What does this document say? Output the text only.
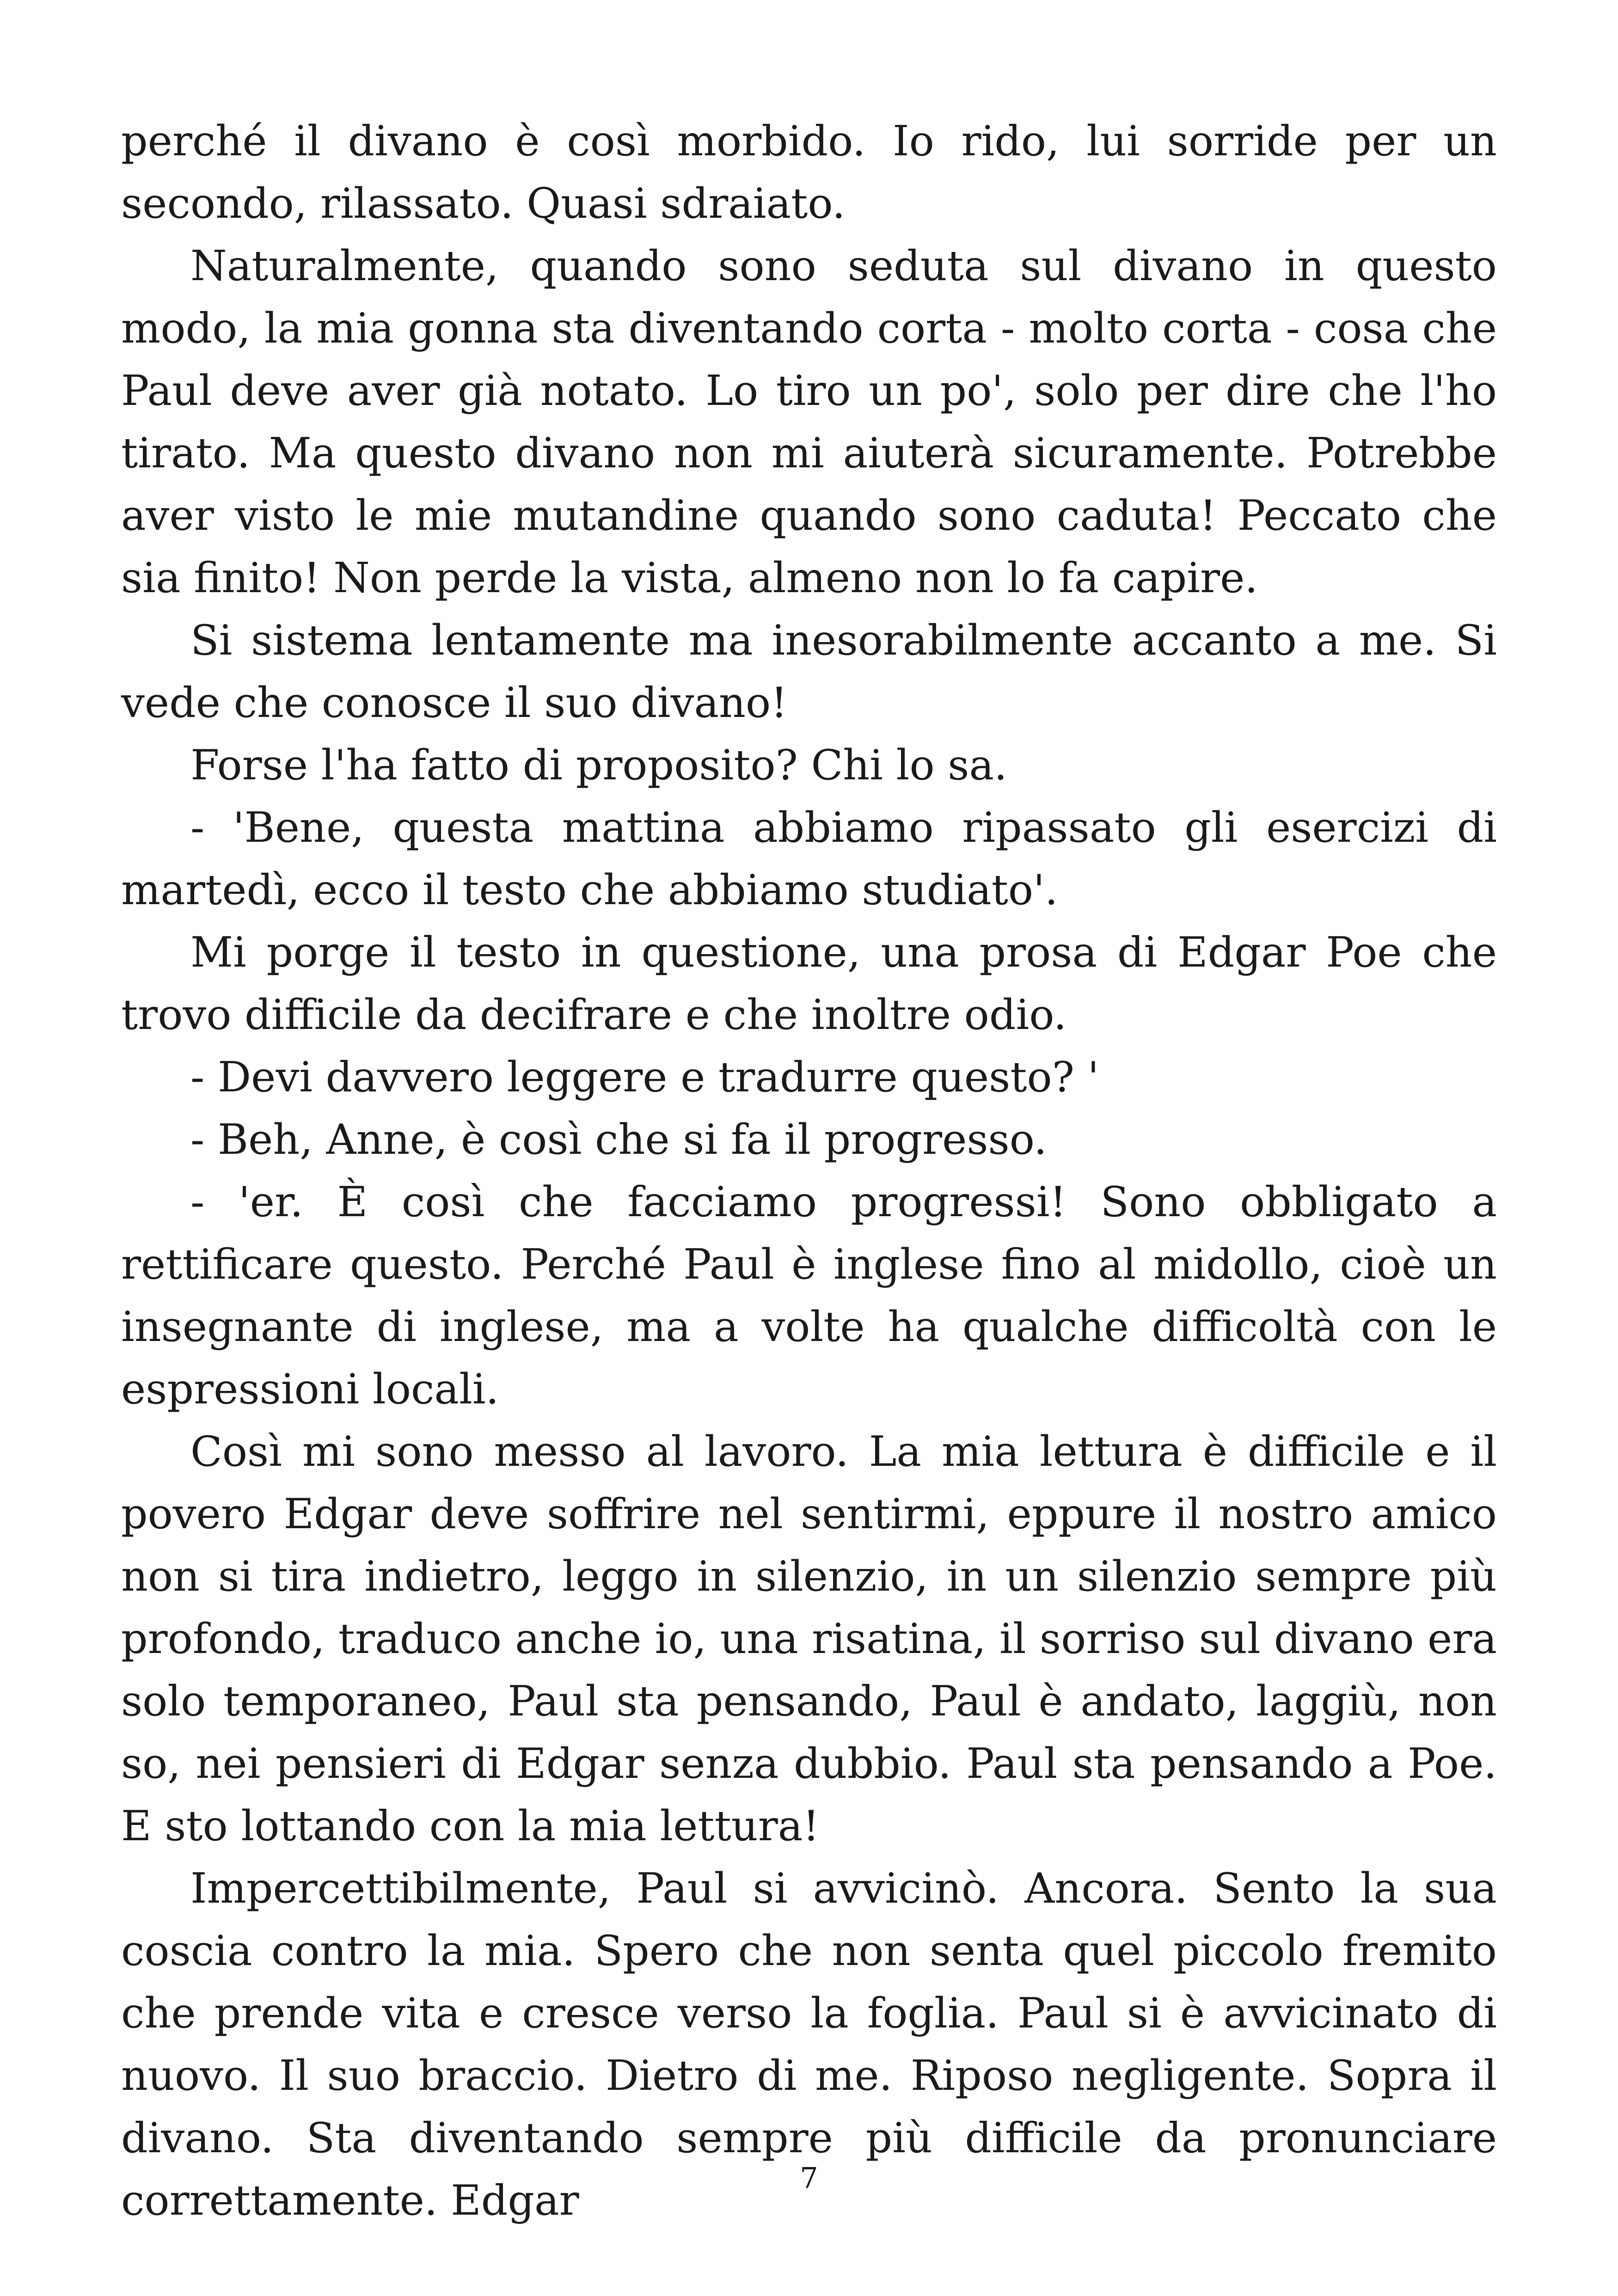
perché il divano è così morbido. Io rido, lui sorride per un secondo, rilassato. Quasi sdraiato.

Naturalmente, quando sono seduta sul divano in questo modo, la mia gonna sta diventando corta - molto corta - cosa che Paul deve aver già notato. Lo tiro un po', solo per dire che l'ho tirato. Ma questo divano non mi aiuterà sicuramente. Potrebbe aver visto le mie mutandine quando sono caduta! Peccato che sia finito! Non perde la vista, almeno non lo fa capire.

Si sistema lentamente ma inesorabilmente accanto a me. Si vede che conosce il suo divano!

Forse l'ha fatto di proposito? Chi lo sa.

- 'Bene, questa mattina abbiamo ripassato gli esercizi di martedì, ecco il testo che abbiamo studiato'.

Mi porge il testo in questione, una prosa di Edgar Poe che trovo difficile da decifrare e che inoltre odio.

- Devi davvero leggere e tradurre questo? '

- Beh, Anne, è così che si fa il progresso.

- 'er. È così che facciamo progressi! Sono obbligato a rettificare questo. Perché Paul è inglese fino al midollo, cioè un insegnante di inglese, ma a volte ha qualche difficoltà con le espressioni locali.

Così mi sono messo al lavoro. La mia lettura è difficile e il povero Edgar deve soffrire nel sentirmi, eppure il nostro amico non si tira indietro, leggo in silenzio, in un silenzio sempre più profondo, traduco anche io, una risatina, il sorriso sul divano era solo temporaneo, Paul sta pensando, Paul è andato, laggiù, non so, nei pensieri di Edgar senza dubbio. Paul sta pensando a Poe. E sto lottando con la mia lettura!

Impercettibilmente, Paul si avvicinò. Ancora. Sento la sua coscia contro la mia. Spero che non senta quel piccolo fremito che prende vita e cresce verso la foglia. Paul si è avvicinato di nuovo. Il suo braccio. Dietro di me. Riposo negligente. Sopra il divano. Sta diventando sempre più difficile da pronunciare correttamente. Edgar	7
